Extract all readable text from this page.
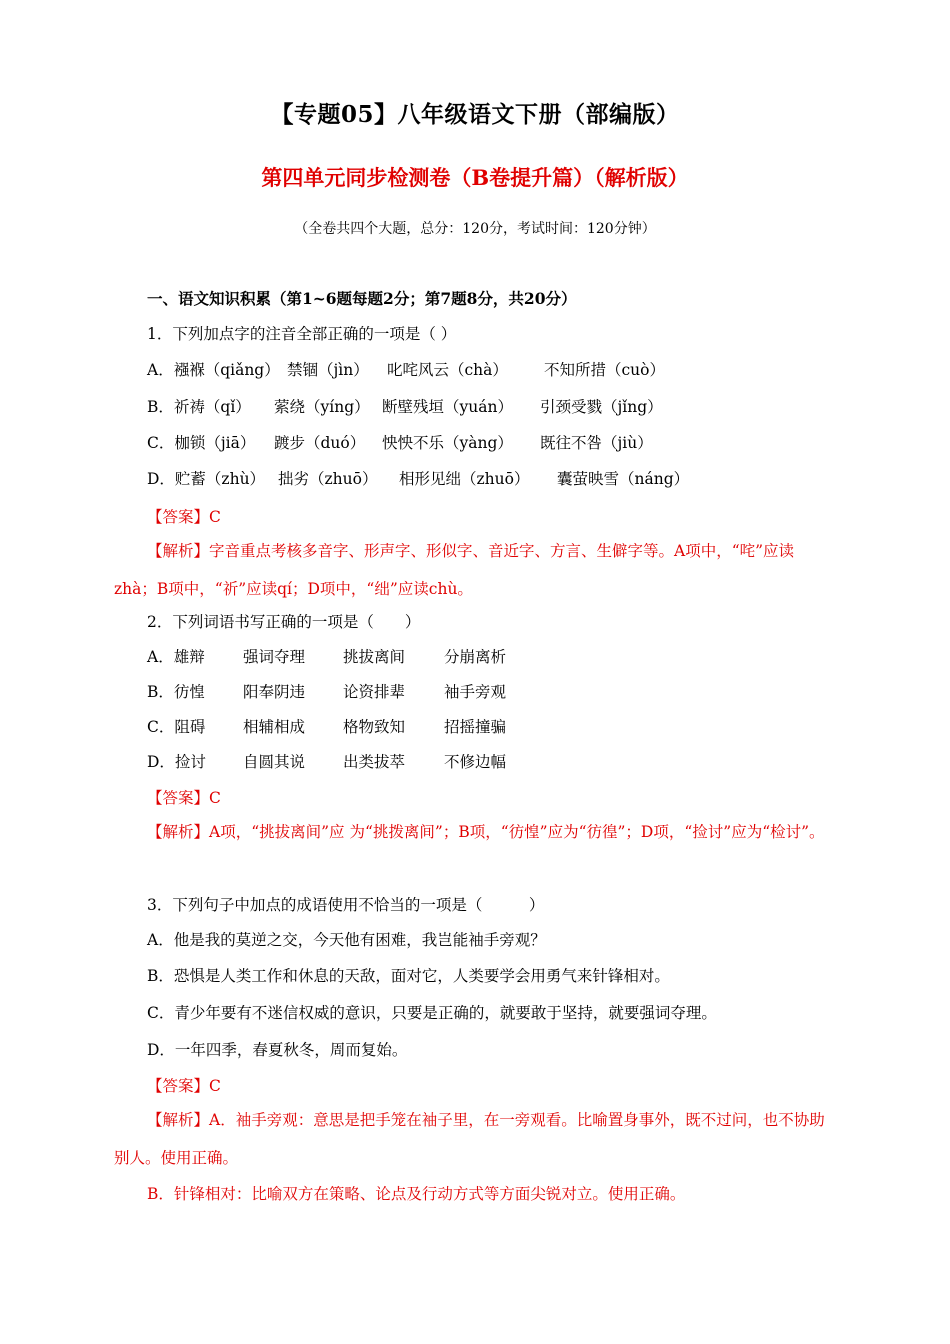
【专题05】八年级语文下册（部编版）
第四单元同步检测卷（B卷提升篇）（解析版）
（全卷共四个大题，总分：120分，考试时间：120分钟）
一、语文知识积累（第1~6题每题2分；第7题8分，共20分）
1．下列加点字的注音全部正确的一项是（ ）
A．襁褓（qiǎng） 禁锢（jìn） 叱咤风云（chà） 不知所措（cuò）
B．祈祷（qǐ） 萦绕（yíng） 断壁残垣（yuán） 引颈受戮（jǐng）
C．枷锁（jiā） 踱步（duó） 怏怏不乐（yàng） 既往不咎（jiù）
D．贮蓄（zhù） 拙劣（zhuō） 相形见绌（zhuō） 囊萤映雪（náng）
【答案】C
【解析】字音重点考核多音字、形声字、形似字、音近字、方言、生僻字等。A项中，“咤”应读zhà；B项中，“祈”应读qí；D项中，“绌”应读chù。
2．下列词语书写正确的一项是（　　）
A．雄辩 强词夺理 挑拔离间	分崩离析
B．彷惶 阳奉阴违 论资排辈	袖手旁观
C．阻碍 相辅相成 格物致知	招摇撞骗
D．捡讨 自圆其说 出类拔萃	不修边幅
【答案】C
【解析】A项，“挑拔离间”应 为“挑拨离间”；B项，“彷惶”应为“彷徨”；D项，“捡讨”应为“检讨”。
3．下列句子中加点的成语使用不恰当的一项是（　　　）
A．他是我的莫逆之交，今天他有困难，我岂能袖手旁观？
B．恐惧是人类工作和休息的天敌，面对它，人类要学会用勇气来针锋相对。
C．青少年要有不迷信权威的意识，只要是正确的，就要敢于坚持，就要强词夺理。
D．一年四季，春夏秋冬，周而复始。
【答案】C
【解析】A．袖手旁观：意思是把手笼在袖子里，在一旁观看。比喻置身事外，既不过问，也不协助别人。使用正确。
B．针锋相对：比喻双方在策略、论点及行动方式等方面尖锐对立。使用正确。
